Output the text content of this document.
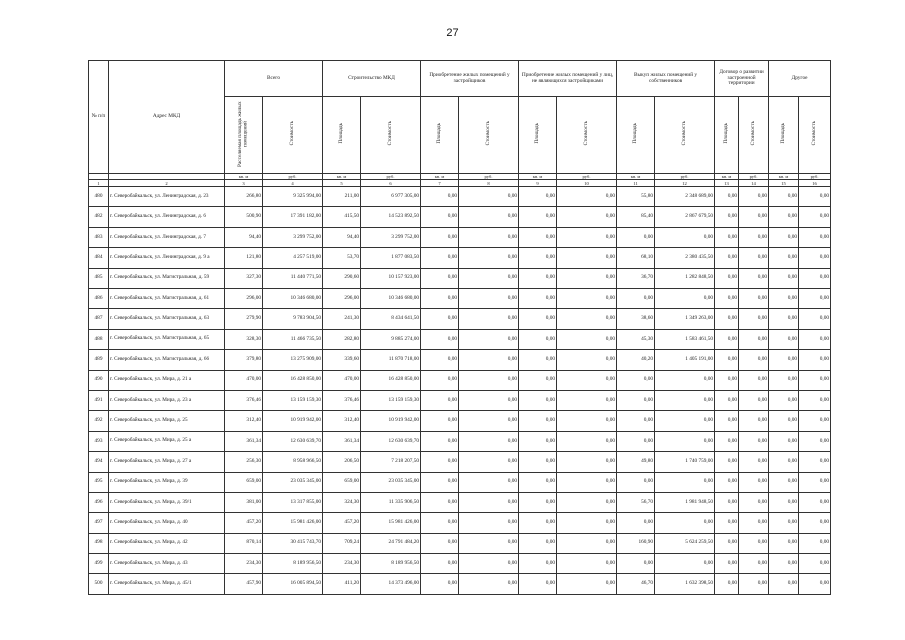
27
№ п/п	Адрес МКД	Всего		Строительство МКД		Приобретение жилых помещений у застройщиков		Приобретение жилых помещений у лиц, не являющихся застройщиками		Выкуп жилых помещений у собственников		Договор о развитии застроенной территории		Другое	
		Расселяемая площадь жилых помещений	Стоимость	Площадь	Стоимость	Площадь	Стоимость	Площадь	Стоимость	Площадь	Стоимость	Площадь	Стоимость	Площадь	Стоимость
		кв. м	руб.	кв. м	руб.	кв. м	руб.	кв. м	руб.	кв. м	руб.	кв. м	руб.	кв. м	руб.
1	2	3	4	5	6	7	8	9	10	11	12	13	14	15	16
480	г. Северобайкальск, ул. Ленинградская, д. 23	266,80	9 325 994,00	211,00	6 977 305,00	0,00	0,00	0,00	0,00	55,80	2 348 689,00	0,00	0,00	0,00	0,00
482	г. Северобайкальск, ул. Ленинградская, д. 6	500,90	17 391 182,00	415,50	14 523 892,50	0,00	0,00	0,00	0,00	85,40	2 867 679,50	0,00	0,00	0,00	0,00
483	г. Северобайкальск, ул. Ленинградская, д. 7	94,40	3 299 752,00	94,40	3 299 752,00	0,00	0,00	0,00	0,00	0,00	0,00	0,00	0,00	0,00	0,00
484	г. Северобайкальск, ул. Ленинградская, д. 9 а	121,80	4 257 519,00	53,70	1 877 083,50	0,00	0,00	0,00	0,00	68,10	2 380 435,50	0,00	0,00	0,00	0,00
485	г. Северобайкальск, ул. Магистральная, д. 59	327,30	11 440 771,50	290,60	10 157 923,00	0,00	0,00	0,00	0,00	36,70	1 282 848,50	0,00	0,00	0,00	0,00
486	г. Северобайкальск, ул. Магистральная, д. 61	296,00	10 346 680,00	296,00	10 346 680,00	0,00	0,00	0,00	0,00	0,00	0,00	0,00	0,00	0,00	0,00
487	г. Северобайкальск, ул. Магистральная, д. 63	279,90	9 783 904,50	241,30	8 434 641,50	0,00	0,00	0,00	0,00	38,60	1 349 263,00	0,00	0,00	0,00	0,00
488	г. Северобайкальск, ул. Магистральная, д. 65	328,30	11 466 735,50	282,80	9 885 274,00	0,00	0,00	0,00	0,00	45,30	1 583 461,50	0,00	0,00	0,00	0,00
489	г. Северобайкальск, ул. Магистральная, д. 66	379,80	13 275 909,00	339,60	11 870 718,00	0,00	0,00	0,00	0,00	40,20	1 405 191,00	0,00	0,00	0,00	0,00
490	г. Северобайкальск, ул. Мира, д. 21 а	470,00	16 428 850,00	470,00	16 428 850,00	0,00	0,00	0,00	0,00	0,00	0,00	0,00	0,00	0,00	0,00
491	г. Северобайкальск, ул. Мира, д. 23 а	376,46	13 159 159,30	376,46	13 159 159,30	0,00	0,00	0,00	0,00	0,00	0,00	0,00	0,00	0,00	0,00
492	г. Северобайкальск, ул. Мира, д. 25	312,40	10 919 942,00	312,40	10 919 942,00	0,00	0,00	0,00	0,00	0,00	0,00	0,00	0,00	0,00	0,00
493	г. Северобайкальск, ул. Мира, д. 25 а	361,34	12 630 639,70	361,34	12 630 639,70	0,00	0,00	0,00	0,00	0,00	0,00	0,00	0,00	0,00	0,00
494	г. Северобайкальск, ул. Мира, д. 27 а	256,30	8 958 966,50	206,50	7 218 207,50	0,00	0,00	0,00	0,00	49,80	1 740 759,00	0,00	0,00	0,00	0,00
495	г. Северобайкальск, ул. Мира, д. 39	659,00	23 035 345,00	659,00	23 035 345,00	0,00	0,00	0,00	0,00	0,00	0,00	0,00	0,00	0,00	0,00
496	г. Северобайкальск, ул. Мира, д. 39/1	381,00	13 317 855,00	324,30	11 335 906,50	0,00	0,00	0,00	0,00	56,70	1 981 948,50	0,00	0,00	0,00	0,00
497	г. Северобайкальск, ул. Мира, д. 40	457,20	15 981 426,00	457,20	15 981 426,00	0,00	0,00	0,00	0,00	0,00	0,00	0,00	0,00	0,00	0,00
498	г. Северобайкальск, ул. Мира, д. 42	870,14	30 415 743,70	709,24	24 791 484,20	0,00	0,00	0,00	0,00	160,90	5 624 259,50	0,00	0,00	0,00	0,00
499	г. Северобайкальск, ул. Мира, д. 43	234,30	8 189 956,50	234,30	8 189 956,50	0,00	0,00	0,00	0,00	0,00	0,00	0,00	0,00	0,00	0,00
500	г. Северобайкальск, ул. Мира, д. 45/1	457,90	16 005 894,50	411,20	14 373 496,00	0,00	0,00	0,00	0,00	46,70	1 632 398,50	0,00	0,00	0,00	0,00
